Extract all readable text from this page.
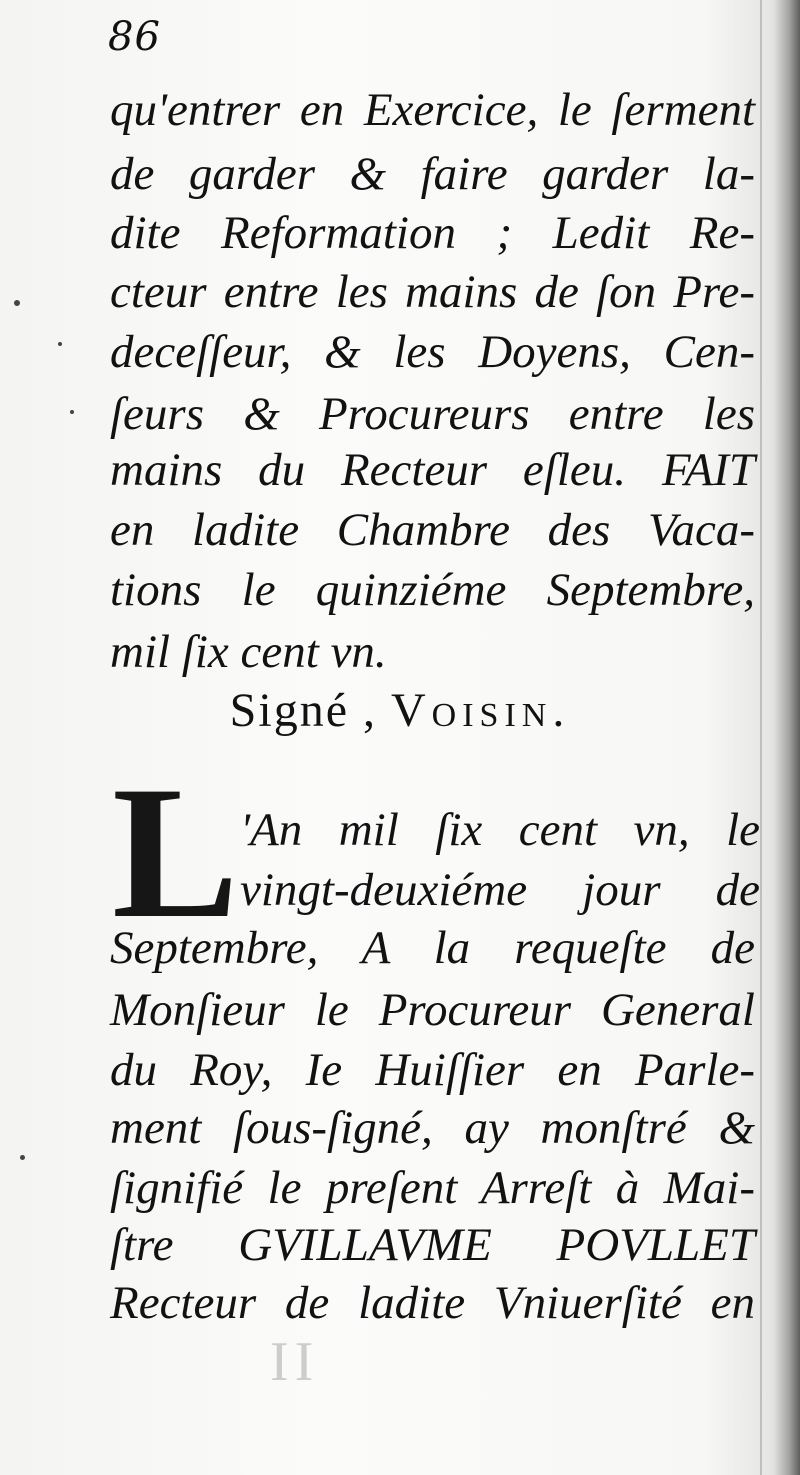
86
qu'entrer en Exercice, le ſerment
de garder & faire garder la-
dite Reformation ; Ledit Re-
cteur entre les mains de ſon Pre-
deceſſeur, & les Doyens, Cen-
ſeurs & Procureurs entre les
mains du Recteur eſleu. FAIT
en ladite Chambre des Vaca-
tions le quinziéme Septembre,
mil ſix cent vn.
Signé , Voisin.
L 'An mil ſix cent vn, le
vingt-deuxiéme jour de
Septembre, A la requeſte de
Monſieur le Procureur General
du Roy, Ie Huiſſier en Parle-
ment ſous-ſigné, ay monſtré &
ſignifié le preſent Arreſt à Mai-
ſtre GVILLAVME POVLLET
Recteur de ladite Vniuerſité en
II
